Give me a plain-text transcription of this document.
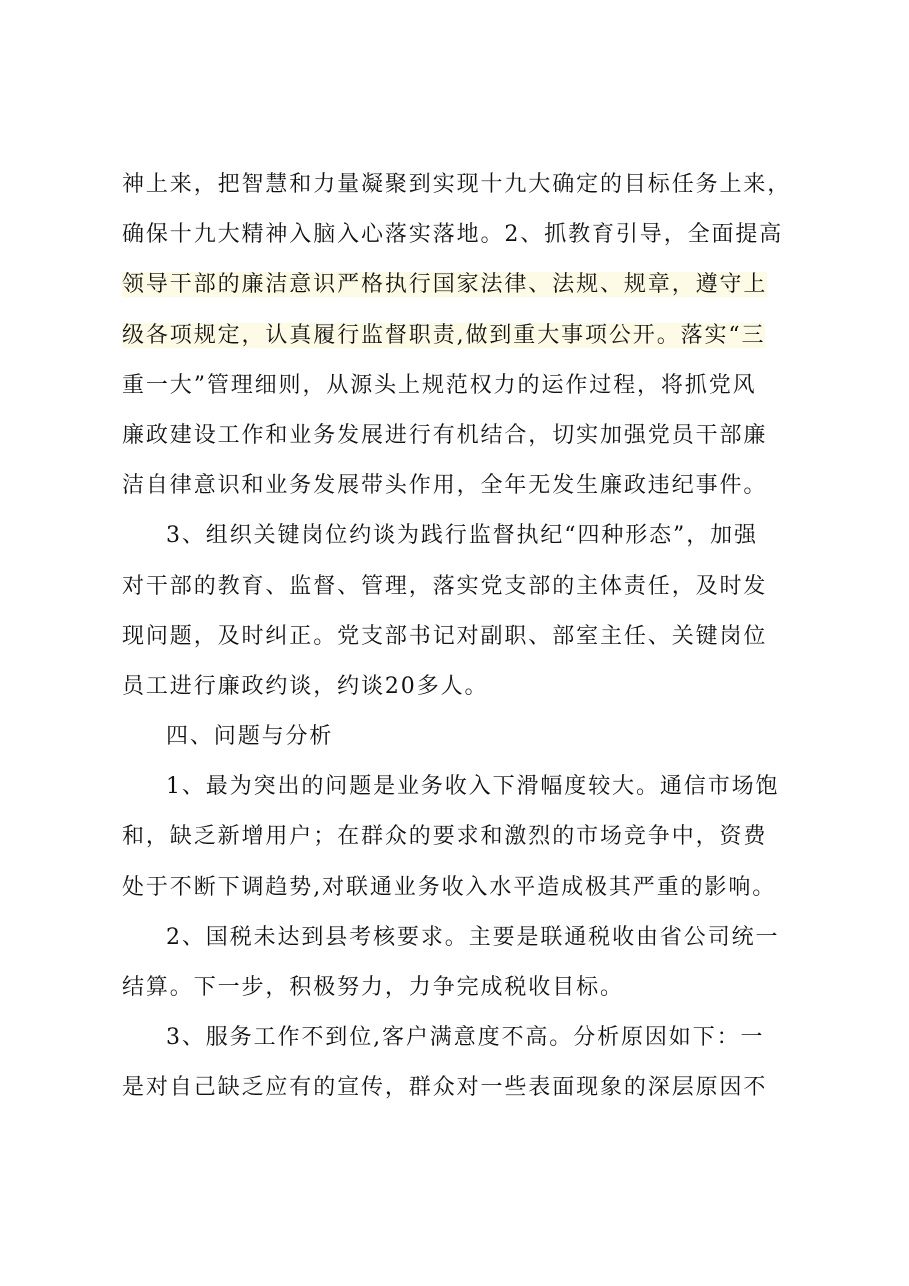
神上来，把智慧和力量凝聚到实现十九大确定的目标任务上来，
确保十九大精神入脑入心落实落地。2、抓教育引导，全面提高
领导干部的廉洁意识严格执行国家法律、法规、规章，遵守上
级各项规定，认真履行监督职责,做到重大事项公开。落实“三
重一大”管理细则，从源头上规范权力的运作过程，将抓党风
廉政建设工作和业务发展进行有机结合，切实加强党员干部廉
洁自律意识和业务发展带头作用，全年无发生廉政违纪事件。
3、组织关键岗位约谈为践行监督执纪“四种形态”，加强
对干部的教育、监督、管理，落实党支部的主体责任，及时发
现问题，及时纠正。党支部书记对副职、部室主任、关键岗位
员工进行廉政约谈，约谈20多人。
四、问题与分析
1、最为突出的问题是业务收入下滑幅度较大。通信市场饱
和，缺乏新增用户；在群众的要求和激烈的市场竞争中，资费
处于不断下调趋势,对联通业务收入水平造成极其严重的影响。
2、国税未达到县考核要求。主要是联通税收由省公司统一
结算。下一步，积极努力，力争完成税收目标。
3、服务工作不到位,客户满意度不高。分析原因如下：一
是对自己缺乏应有的宣传，群众对一些表面现象的深层原因不
